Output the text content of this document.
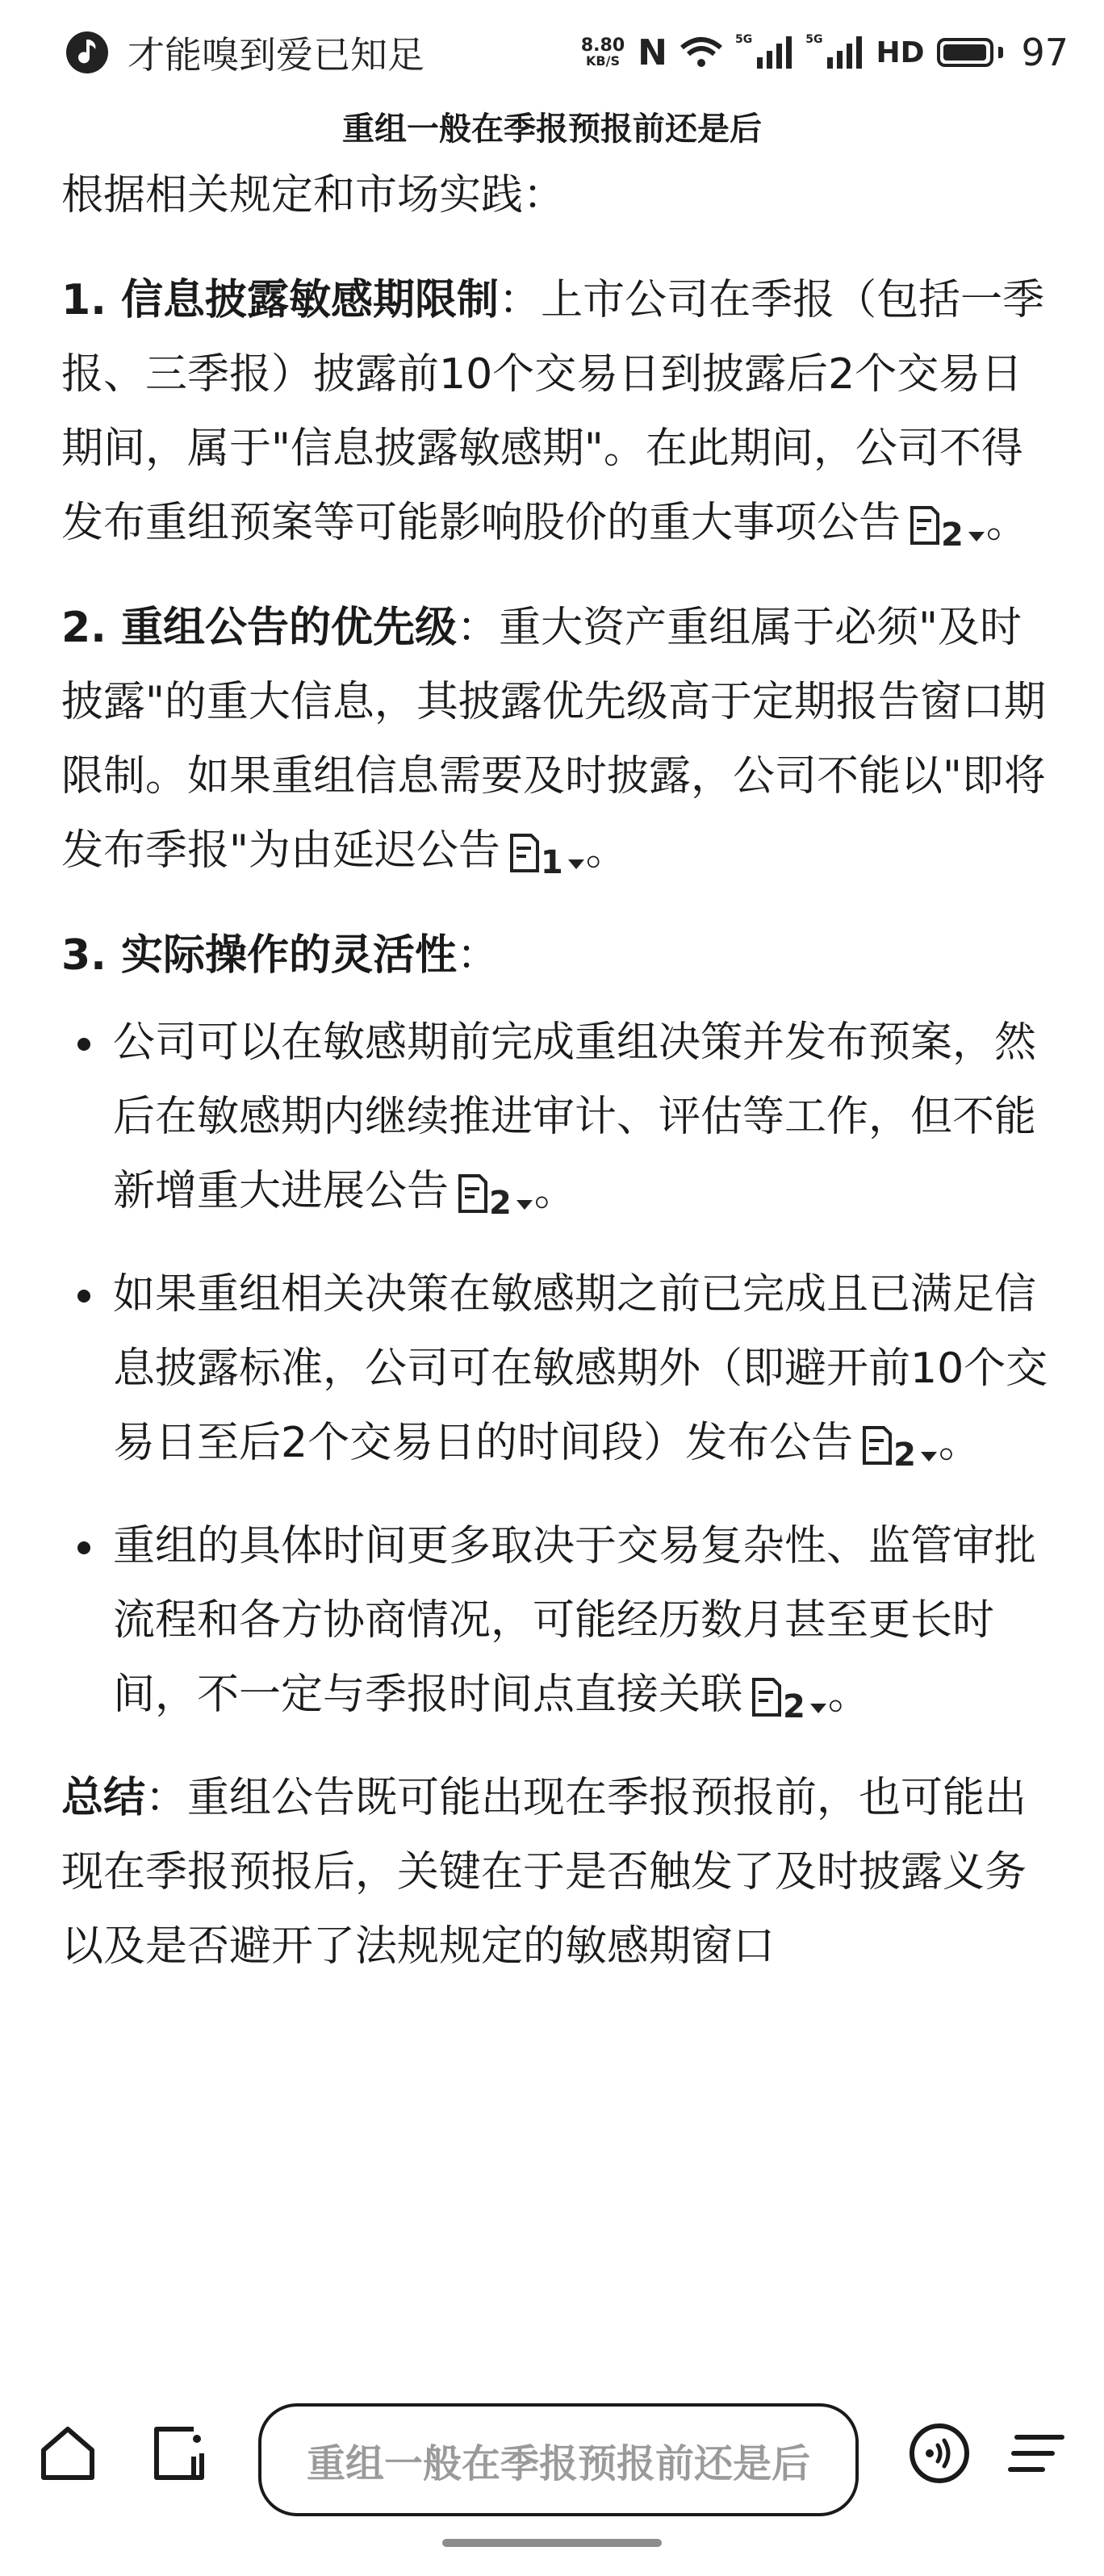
才能嗅到爱已知足	8.80
KB/S N	5G	5G HD	97
重组一般在季报预报前还是后

根据相关规定和市场实践：

1. 信息披露敏感期限制：上市公司在季报（包括一季报、三季报）披露前10个交易日到披露后2个交易日期间，属于"信息披露敏感期"。在此期间，公司不得发布重组预案等可能影响股价的重大事项公告 2 。

2. 重组公告的优先级：重大资产重组属于必须"及时披露"的重大信息，其披露优先级高于定期报告窗口期限制。如果重组信息需要及时披露，公司不能以"即将发布季报"为由延迟公告 1 。

3. 实际操作的灵活性：

公司可以在敏感期前完成重组决策并发布预案，然后在敏感期内继续推进审计、评估等工作，但不能新增重大进展公告 2 。
如果重组相关决策在敏感期之前已完成且已满足信息披露标准，公司可在敏感期外（即避开前10个交易日至后2个交易日的时间段）发布公告 2 。
重组的具体时间更多取决于交易复杂性、监管审批流程和各方协商情况，可能经历数月甚至更长时间，不一定与季报时间点直接关联 2 。

总结：重组公告既可能出现在季报预报前，也可能出现在季报预报后，关键在于是否触发了及时披露义务以及是否避开了法规规定的敏感期窗口

重组一般在季报预报前还是后
